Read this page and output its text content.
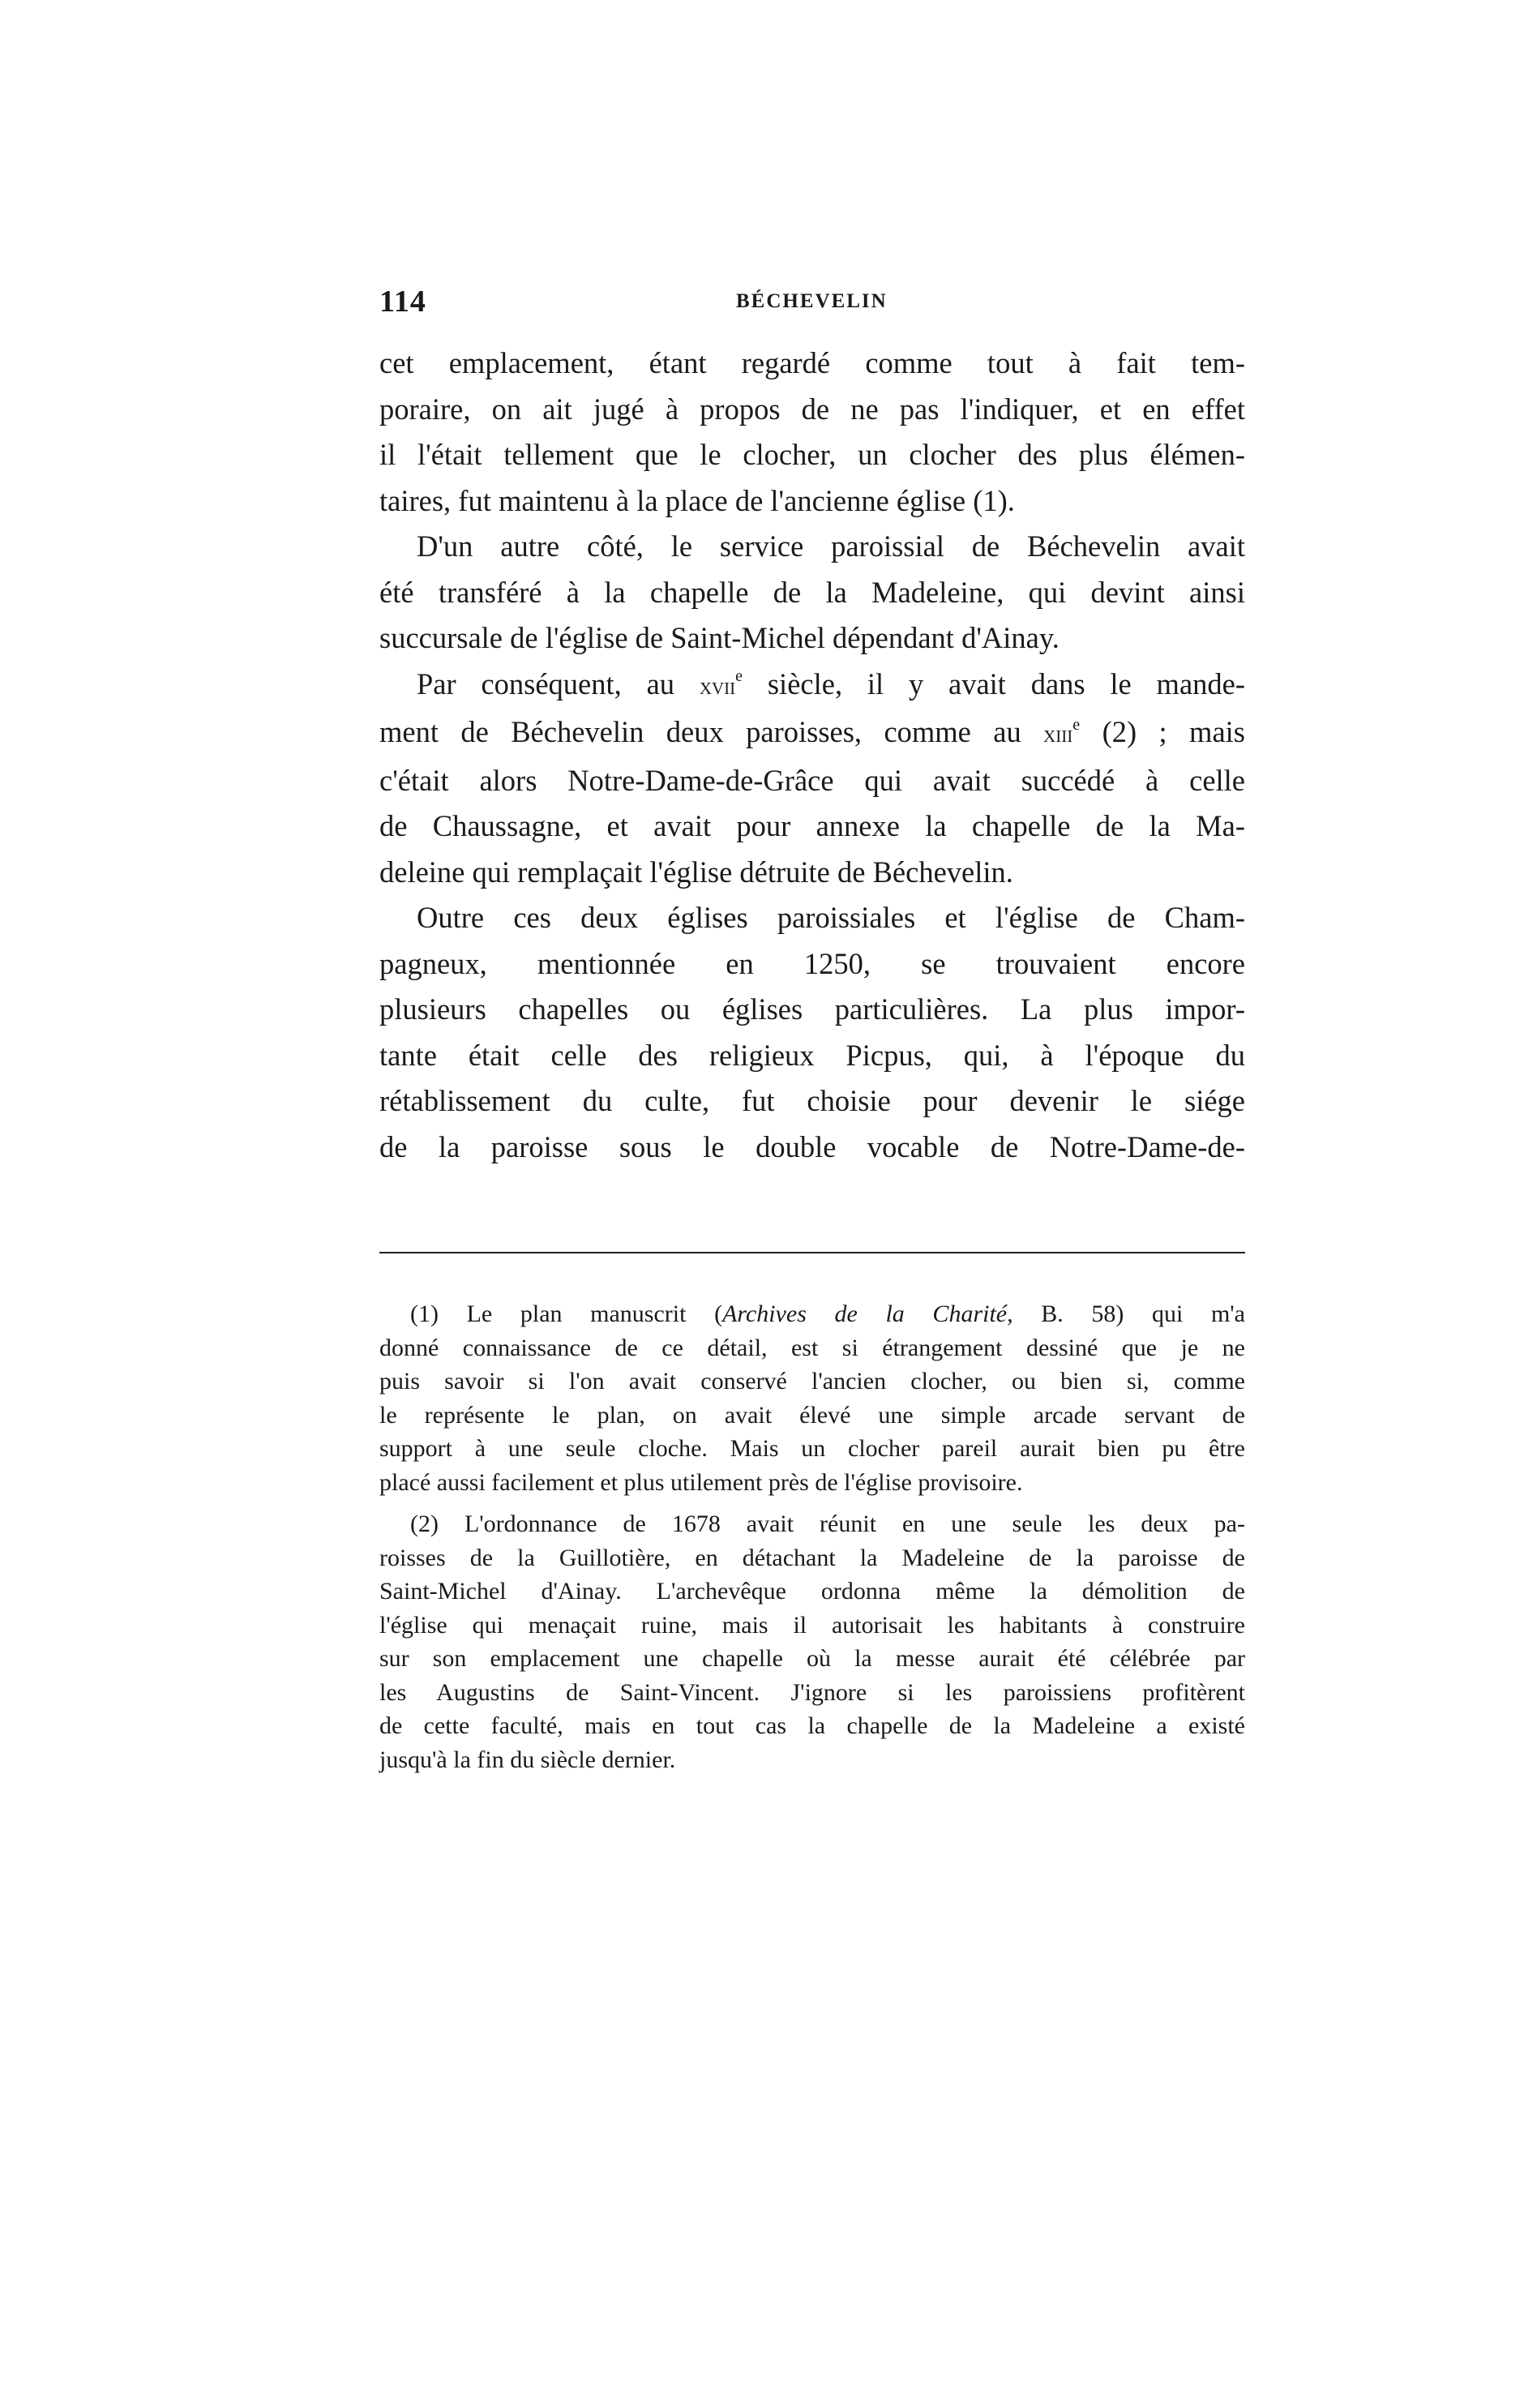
114	BÉCHEVELIN

cet emplacement, étant regardé comme tout à fait tem-
poraire, on ait jugé à propos de ne pas l'indiquer, et en effet
il l'était tellement que le clocher, un clocher des plus élémen-
taires, fut maintenu à la place de l'ancienne église (1).

D'un autre côté, le service paroissial de Béchevelin avait
été transféré à la chapelle de la Madeleine, qui devint ainsi
succursale de l'église de Saint-Michel dépendant d'Ainay.

Par conséquent, au xvii$^e$ siècle, il y avait dans le mande-
ment de Béchevelin deux paroisses, comme au xiii$^e$ (2) ; mais
c'était alors Notre-Dame-de-Grâce qui avait succédé à celle
de Chaussagne, et avait pour annexe la chapelle de la Ma-
deleine qui remplaçait l'église détruite de Béchevelin.

Outre ces deux églises paroissiales et l'église de Cham-
pagneux, mentionnée en 1250, se trouvaient encore
plusieurs chapelles ou églises particulières. La plus impor-
tante était celle des religieux Picpus, qui, à l'époque du
rétablissement du culte, fut choisie pour devenir le siége
de la paroisse sous le double vocable de Notre-Dame-de-

(1) Le plan manuscrit (Archives de la Charité, B. 58) qui m'a
donné connaissance de ce détail, est si étrangement dessiné que je ne
puis savoir si l'on avait conservé l'ancien clocher, ou bien si, comme
le représente le plan, on avait élevé une simple arcade servant de
support à une seule cloche. Mais un clocher pareil aurait bien pu être
placé aussi facilement et plus utilement près de l'église provisoire.

(2) L'ordonnance de 1678 avait réunit en une seule les deux pa-
roisses de la Guillotière, en détachant la Madeleine de la paroisse de
Saint-Michel d'Ainay. L'archevêque ordonna même la démolition de
l'église qui menaçait ruine, mais il autorisait les habitants à construire
sur son emplacement une chapelle où la messe aurait été célébrée par
les Augustins de Saint-Vincent. J'ignore si les paroissiens profitèrent
de cette faculté, mais en tout cas la chapelle de la Madeleine a existé
jusqu'à la fin du siècle dernier.
